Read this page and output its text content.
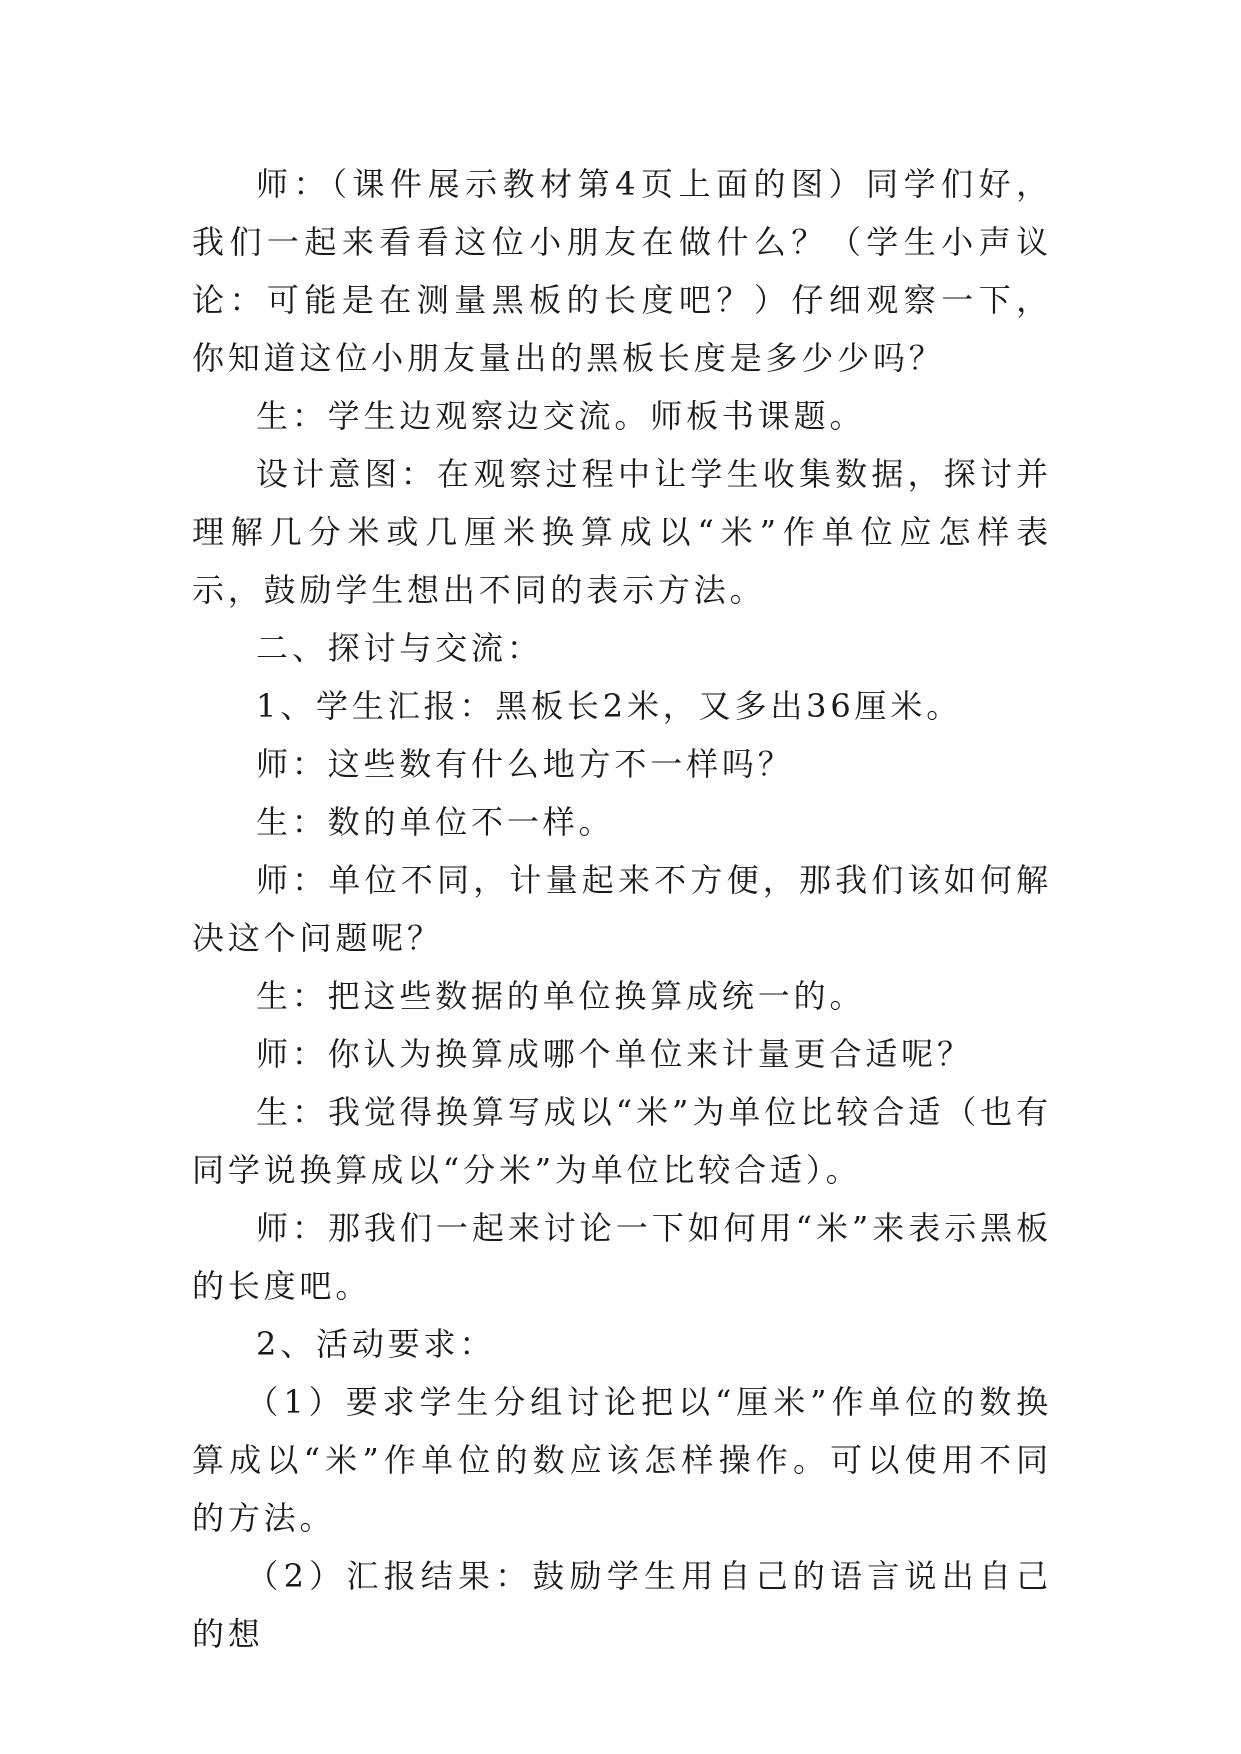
师：（课件展示教材第4页上面的图）同学们好，我们一起来看看这位小朋友在做什么？（学生小声议论：可能是在测量黑板的长度吧？）仔细观察一下，你知道这位小朋友量出的黑板长度是多少少吗？

生：学生边观察边交流。师板书课题。

设计意图：在观察过程中让学生收集数据，探讨并理解几分米或几厘米换算成以“米”作单位应怎样表示，鼓励学生想出不同的表示方法。

二、探讨与交流：

1、学生汇报：黑板长2米，又多出36厘米。

师：这些数有什么地方不一样吗？

生：数的单位不一样。

师：单位不同，计量起来不方便，那我们该如何解决这个问题呢？

生：把这些数据的单位换算成统一的。

师：你认为换算成哪个单位来计量更合适呢？

生：我觉得换算写成以“米”为单位比较合适（也有同学说换算成以“分米”为单位比较合适）。

师：那我们一起来讨论一下如何用“米”来表示黑板的长度吧。

2、活动要求：

（1）要求学生分组讨论把以“厘米”作单位的数换算成以“米”作单位的数应该怎样操作。可以使用不同的方法。

（2）汇报结果：鼓励学生用自己的语言说出自己的想
